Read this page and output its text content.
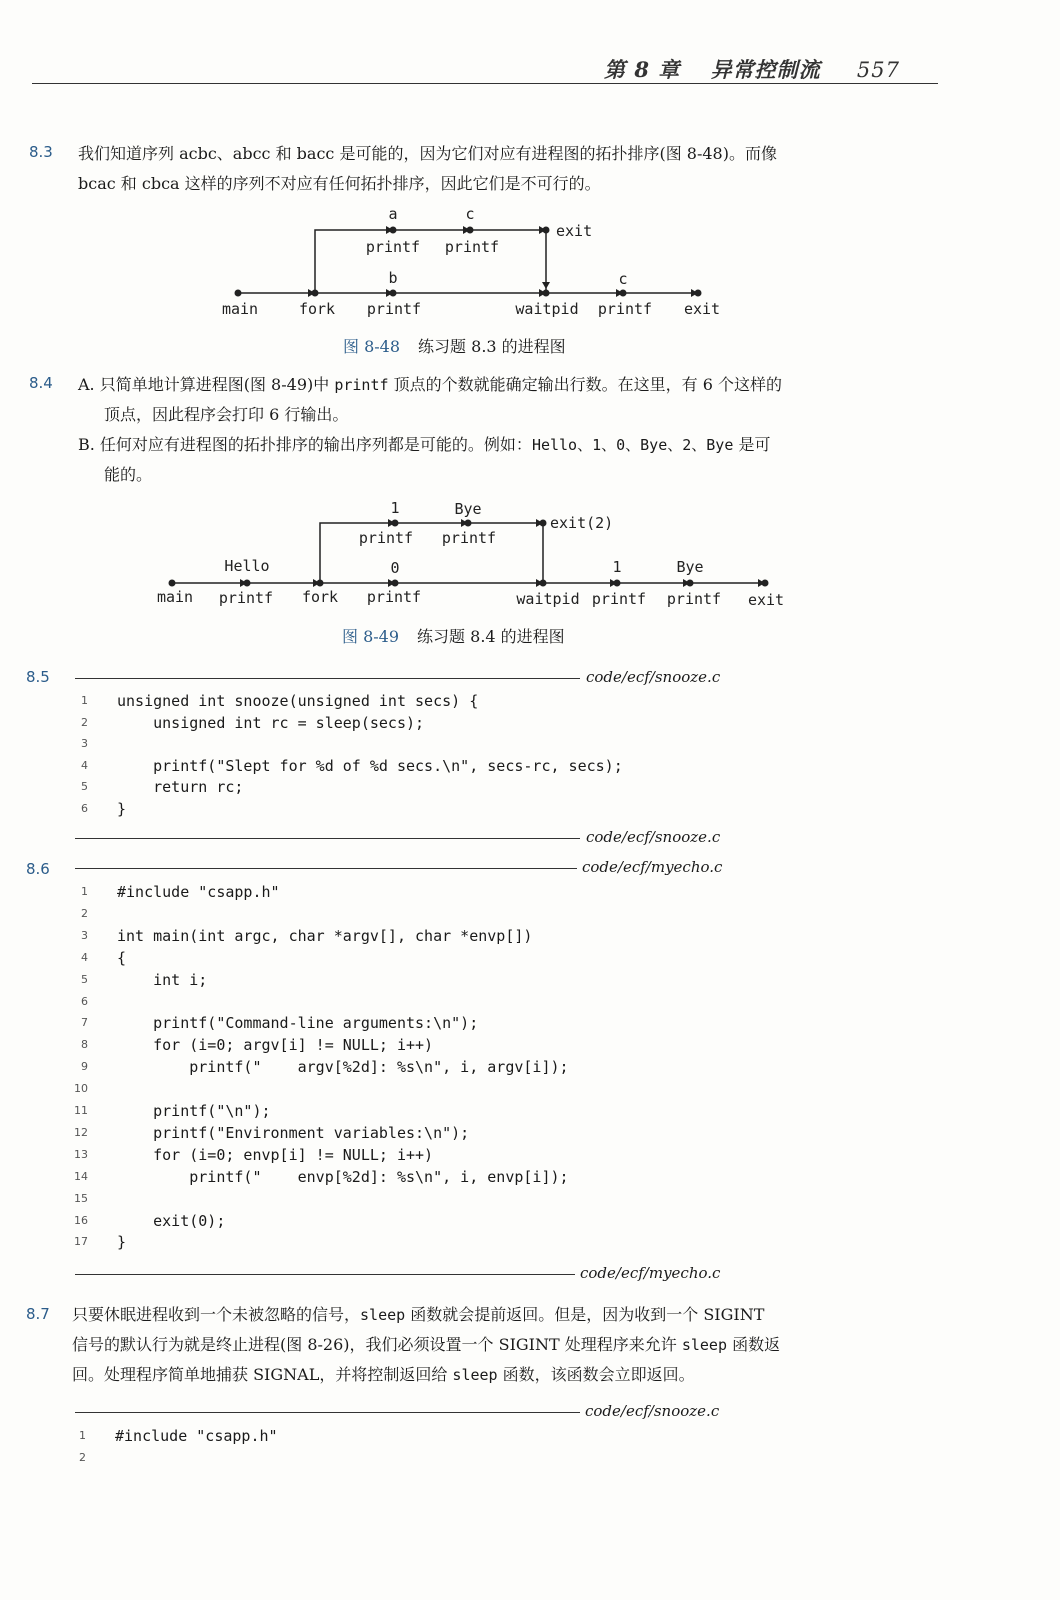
第 8 章 异常控制流 557
8.3 我们知道序列 acbc、abcc 和 bacc 是可能的，因为它们对应有进程图的拓扑排序(图 8-48)。而像
bcac 和 cbca 这样的序列不对应有任何拓扑排序，因此它们是不可行的。
a	c
exit
printf printf
b	c
main	fork printf	waitpid printf exit
图 8-48 练习题 8.3 的进程图
8.4 A. 只简单地计算进程图(图 8-49)中 printf 顶点的个数就能确定输出行数。在这里，有 6 个这样的
顶点，因此程序会打印 6 行输出。
B. 任何对应有进程图的拓扑排序的输出序列都是可能的。例如：Hello、1、0、Bye、2、Bye 是可
能的。
1	Bye
exit(2)
printf printf
Hello	0	1	Bye
main printf fork printf	waitpid printf printf exit
图 8-49 练习题 8.4 的进程图
8.5	code/ecf/snooze.c
1 unsigned int snooze(unsigned int secs) {
2 unsigned int rc = sleep(secs);
3
4 printf("Slept for %d of %d secs.\n", secs-rc, secs);
5 return rc;
6 }
code/ecf/snooze.c
8.6	code/ecf/myecho.c
1 #include "csapp.h"
2
3 int main(int argc, char *argv[], char *envp[])
4 {
5 int i;
6
7 printf("Command-line arguments:\n");
8 for (i=0; argv[i] != NULL; i++)
9 printf("    argv[%2d]: %s\n", i, argv[i]);
10
11 printf("\n");
12 printf("Environment variables:\n");
13 for (i=0; envp[i] != NULL; i++)
14 printf("    envp[%2d]: %s\n", i, envp[i]);
15
16 exit(0);
17 }
code/ecf/myecho.c
8.7 只要休眠进程收到一个未被忽略的信号，sleep 函数就会提前返回。但是，因为收到一个 SIGINT
信号的默认行为就是终止进程(图 8-26)，我们必须设置一个 SIGINT 处理程序来允许 sleep 函数返
回。处理程序简单地捕获 SIGNAL，并将控制返回给 sleep 函数，该函数会立即返回。
code/ecf/snooze.c
1 #include "csapp.h"
2
